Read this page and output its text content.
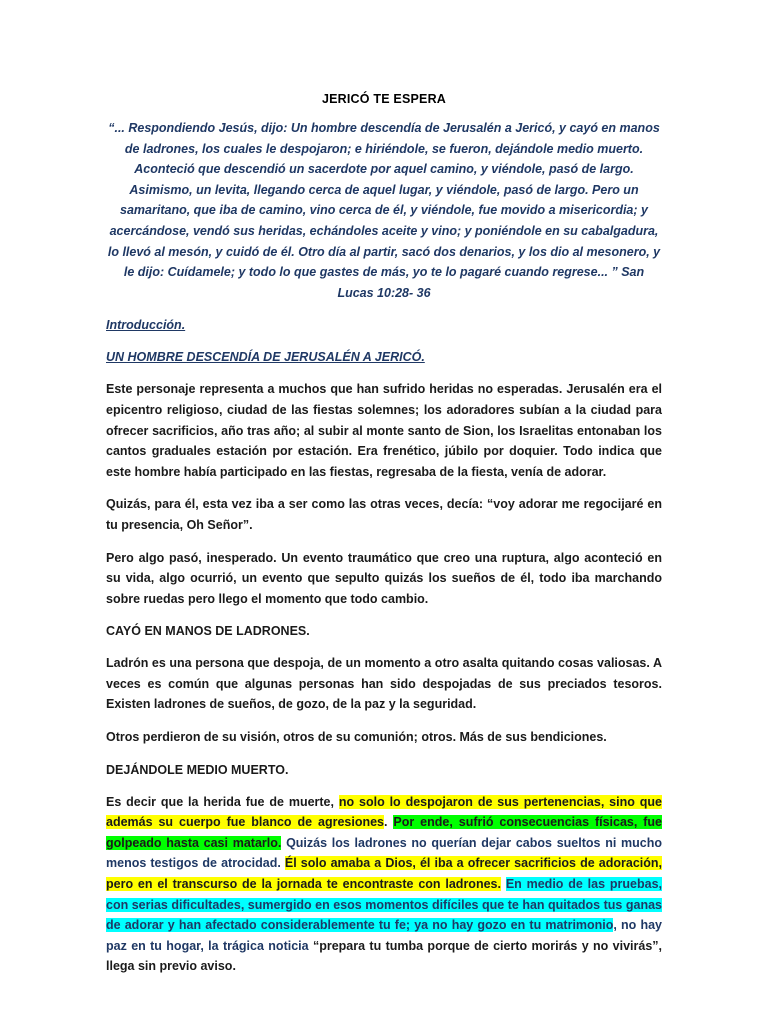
JERICÓ TE ESPERA
“... Respondiendo Jesús, dijo: Un hombre descendía de Jerusalén a Jericó, y cayó en manos de ladrones, los cuales le despojaron; e hiriéndole, se fueron, dejándole medio muerto. Aconteció que descendió un sacerdote por aquel camino, y viéndole, pasó de largo. Asimismo, un levita, llegando cerca de aquel lugar, y viéndole, pasó de largo. Pero un samaritano, que iba de camino, vino cerca de él, y viéndole, fue movido a misericordia; y acercándose, vendó sus heridas, echándoles aceite y vino; y poniéndole en su cabalgadura, lo llevó al mesón, y cuidó de él. Otro día al partir, sacó dos denarios, y los dio al mesonero, y le dijo: Cuídamele; y todo lo que gastes de más, yo te lo pagaré cuando regrese... ” San Lucas 10:28- 36
Introducción.
UN HOMBRE DESCENDÍA DE JERUSALÉN A JERICÓ.
Este personaje representa a muchos que han sufrido heridas no esperadas. Jerusalén era el epicentro religioso, ciudad de las fiestas solemnes; los adoradores subían a la ciudad para ofrecer sacrificios, año tras año; al subir al monte santo de Sion, los Israelitas entonaban los cantos graduales estación por estación. Era frenético, júbilo por doquier. Todo indica que este hombre había participado en las fiestas, regresaba de la fiesta, venía de adorar.
Quizás, para él, esta vez iba a ser como las otras veces, decía: “voy adorar me regocijaré en tu presencia, Oh Señor”.
Pero algo pasó, inesperado. Un evento traumático que creo una ruptura, algo aconteció en su vida, algo ocurrió, un evento que sepulto quizás los sueños de él, todo iba marchando sobre ruedas pero llego el momento que todo cambio.
CAYÓ EN MANOS DE LADRONES.
Ladrón es una persona que despoja, de un momento a otro asalta quitando cosas valiosas. A veces es común que algunas personas han sido despojadas de sus preciados tesoros. Existen ladrones de sueños, de gozo, de la paz y la seguridad.
Otros perdieron de su visión, otros de su comunión; otros. Más de sus bendiciones.
DEJÁNDOLE MEDIO MUERTO.
Es decir que la herida fue de muerte, no solo lo despojaron de sus pertenencias, sino que además su cuerpo fue blanco de agresiones. Por ende, sufrió consecuencias físicas, fue golpeado hasta casi matarlo. Quizás los ladrones no querían dejar cabos sueltos ni mucho menos testigos de atrocidad. Él solo amaba a Dios, él iba a ofrecer sacrificios de adoración, pero en el transcurso de la jornada te encontraste con ladrones. En medio de las pruebas, con serias dificultades, sumergido en esos momentos difíciles que te han quitados tus ganas de adorar y han afectado considerablemente tu fe; ya no hay gozo en tu matrimonio, no hay paz en tu hogar, la trágica noticia “prepara tu tumba porque de cierto morirás y no vivirás”, llega sin previo aviso.
